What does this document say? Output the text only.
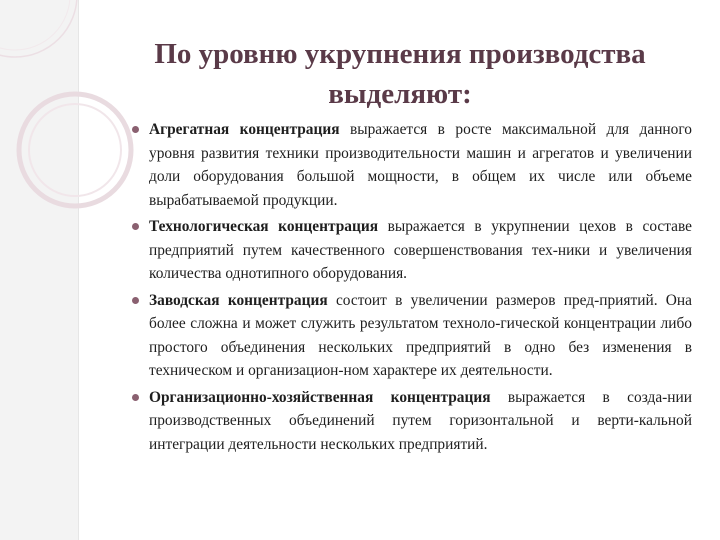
По уровню укрупнения производства выделяют:
Агрегатная концентрация выражается в росте максимальной для данного уровня развития техники производительности машин и агрегатов и увеличении доли оборудования большой мощности, в общем их числе или объеме вырабатываемой продукции.
Технологическая концентрация выражается в укрупнении цехов в составе предприятий путем качественного совершенствования тех-ники и увеличения количества однотипного оборудования.
Заводская концентрация состоит в увеличении размеров пред-приятий. Она более сложна и может служить результатом техноло-гической концентрации либо простого объединения нескольких предприятий в одно без изменения в техническом и организацион-ном характере их деятельности.
Организационно-хозяйственная концентрация выражается в созда-нии производственных объединений путем горизонтальной и верти-кальной интеграции деятельности нескольких предприятий.
